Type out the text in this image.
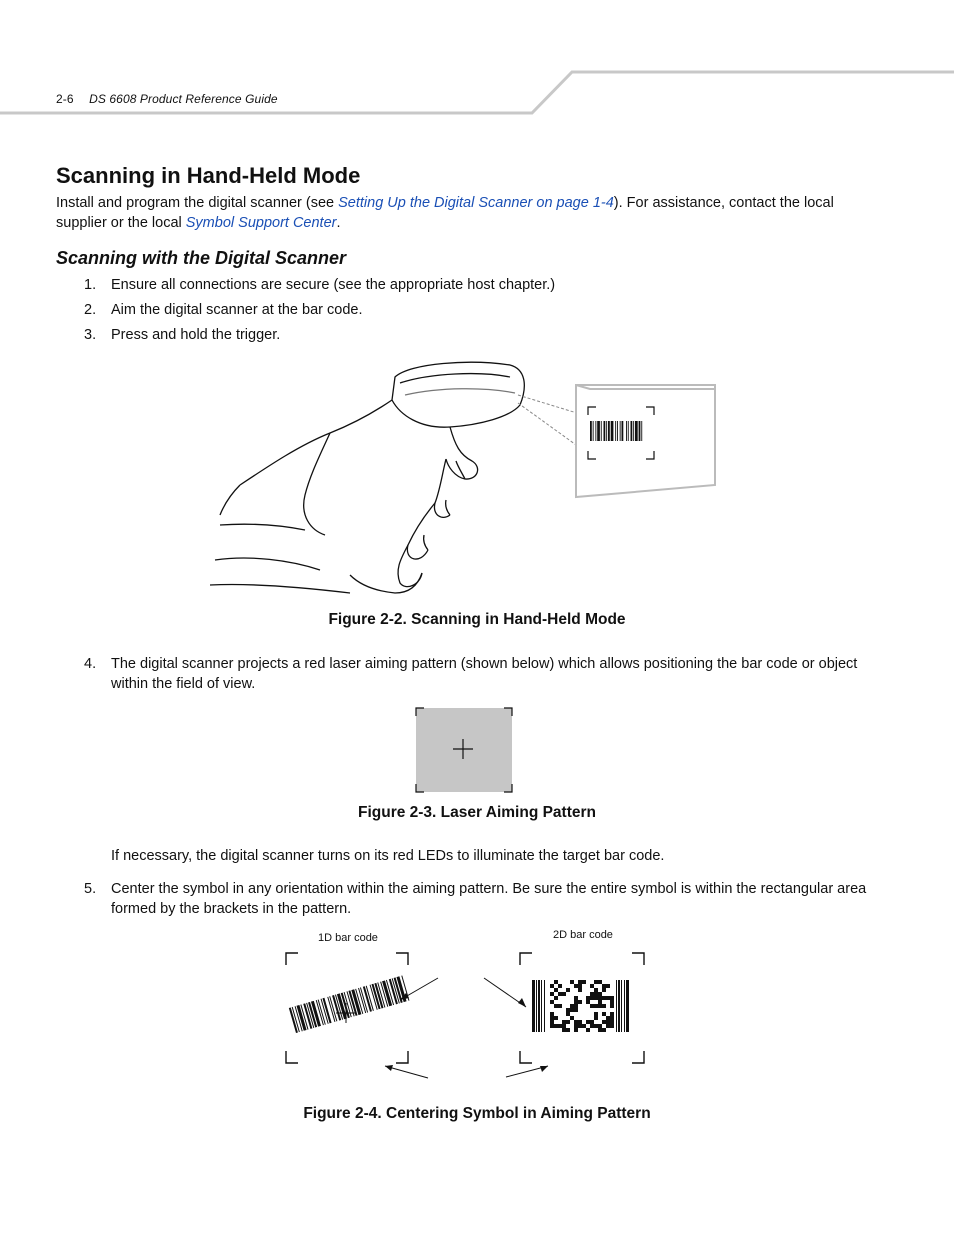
2-6 DS 6608 Product Reference Guide
Scanning in Hand-Held Mode
Install and program the digital scanner (see Setting Up the Digital Scanner on page 1-4). For assistance, contact the local supplier or the local Symbol Support Center.
Scanning with the Digital Scanner
1. Ensure all connections are secure (see the appropriate host chapter.)
2. Aim the digital scanner at the bar code.
3. Press and hold the trigger.
Figure 2-2. Scanning in Hand-Held Mode
4. The digital scanner projects a red laser aiming pattern (shown below) which allows positioning the bar code or object within the field of view.
Figure 2-3. Laser Aiming Pattern
If necessary, the digital scanner turns on its red LEDs to illuminate the target bar code.
5. Center the symbol in any orientation within the aiming pattern. Be sure the entire symbol is within the rectangular area formed by the brackets in the pattern.
1D bar code	2D bar code
Figure 2-4. Centering Symbol in Aiming Pattern
